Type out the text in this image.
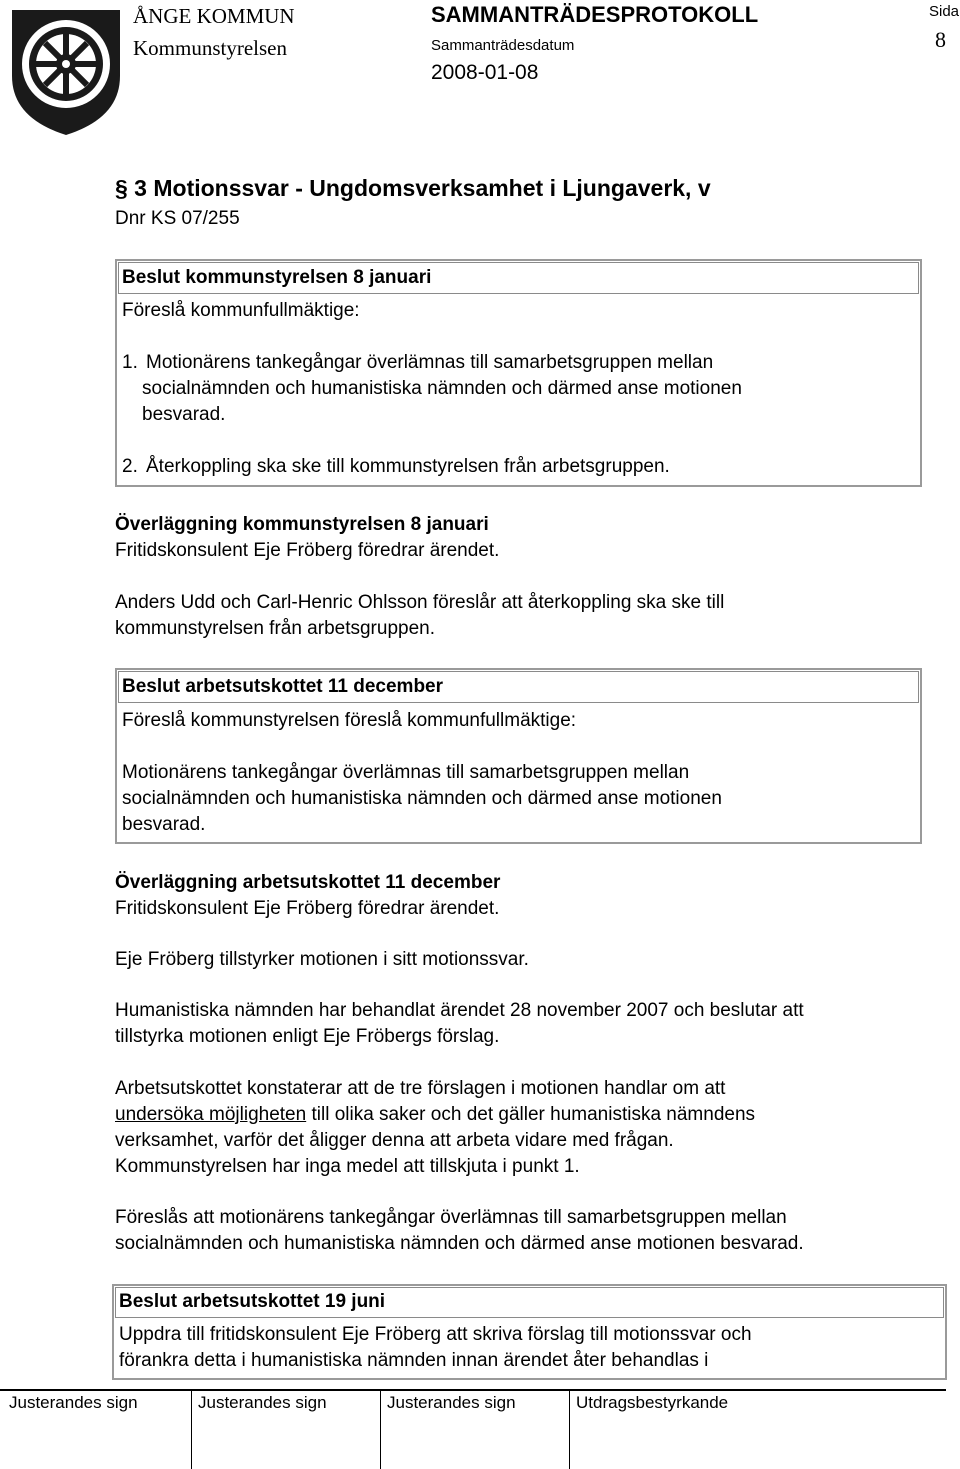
ÅNGE KOMMUN
Kommunstyrelsen
SAMMANTRÄDESPROTOKOLL
Sammanträdesdatum
2008-01-08
Sida
8
§ 3 Motionssvar - Ungdomsverksamhet i Ljungaverk, v
Dnr KS 07/255
Beslut kommunstyrelsen 8 januari
Föreslå kommunfullmäktige:
1. Motionärens tankegångar överlämnas till samarbetsgruppen mellan
socialnämnden och humanistiska nämnden och därmed anse motionen
besvarad.
2. Återkoppling ska ske till kommunstyrelsen från arbetsgruppen.
Överläggning kommunstyrelsen 8 januari
Fritidskonsulent Eje Fröberg föredrar ärendet.
Anders Udd och Carl-Henric Ohlsson föreslår att återkoppling ska ske till
kommunstyrelsen från arbetsgruppen.
Beslut arbetsutskottet 11 december
Föreslå kommunstyrelsen föreslå kommunfullmäktige:
Motionärens tankegångar överlämnas till samarbetsgruppen mellan
socialnämnden och humanistiska nämnden och därmed anse motionen
besvarad.
Överläggning arbetsutskottet 11 december
Fritidskonsulent Eje Fröberg föredrar ärendet.
Eje Fröberg tillstyrker motionen i sitt motionssvar.
Humanistiska nämnden har behandlat ärendet 28 november 2007 och beslutar att
tillstyrka motionen enligt Eje Fröbergs förslag.
Arbetsutskottet konstaterar att de tre förslagen i motionen handlar om att
undersöka möjligheten till olika saker och det gäller humanistiska nämndens
verksamhet, varför det åligger denna att arbeta vidare med frågan.
Kommunstyrelsen har inga medel att tillskjuta i punkt 1.
Föreslås att motionärens tankegångar överlämnas till samarbetsgruppen mellan
socialnämnden och humanistiska nämnden och därmed anse motionen besvarad.
Beslut arbetsutskottet 19 juni
Uppdra till fritidskonsulent Eje Fröberg att skriva förslag till motionssvar och
förankra detta i humanistiska nämnden innan ärendet åter behandlas i
Justerandes sign	Justerandes sign	Justerandes sign	Utdragsbestyrkande
